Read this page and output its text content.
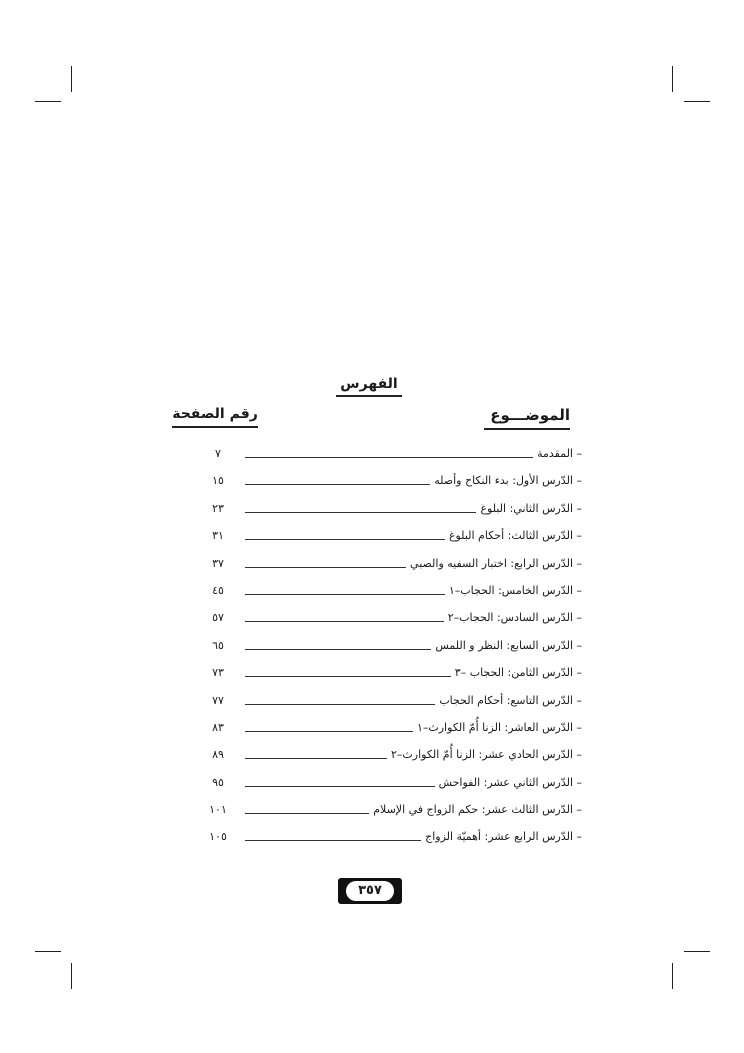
الفهرس
الموضـــوع
رقم الصفحة
– المقدمة
٧
– الدّرس الأول: بدء النكاح وأصله
١٥
– الدّرس الثاني: البلوغ
٢٣
– الدّرس الثالث: أحكام البلوغ
٣١
– الدّرس الرابع: اختبار السفيه والصبي
٣٧
– الدّرس الخامس: الحجاب–١
٤٥
– الدّرس السادس: الحجاب–٢
٥٧
– الدّرس السابع: النظر و اللمس
٦٥
– الدّرس الثامن: الحجاب –٣
٧٣
– الدّرس التاسع: أحكام الحجاب
٧٧
– الدّرس العاشر: الزنا أُمّ الكوارث–١
٨٣
– الدّرس الحادي عشر: الزنا أُمّ الكوارث–٢
٨٩
– الدّرس الثاني عشر: الفواحش
٩٥
– الدّرس الثالث عشر: حكم الزواج في الإسلام
١٠١
– الدّرس الرابع عشر: أهميّة الزواج
١٠٥
٣٥٧
